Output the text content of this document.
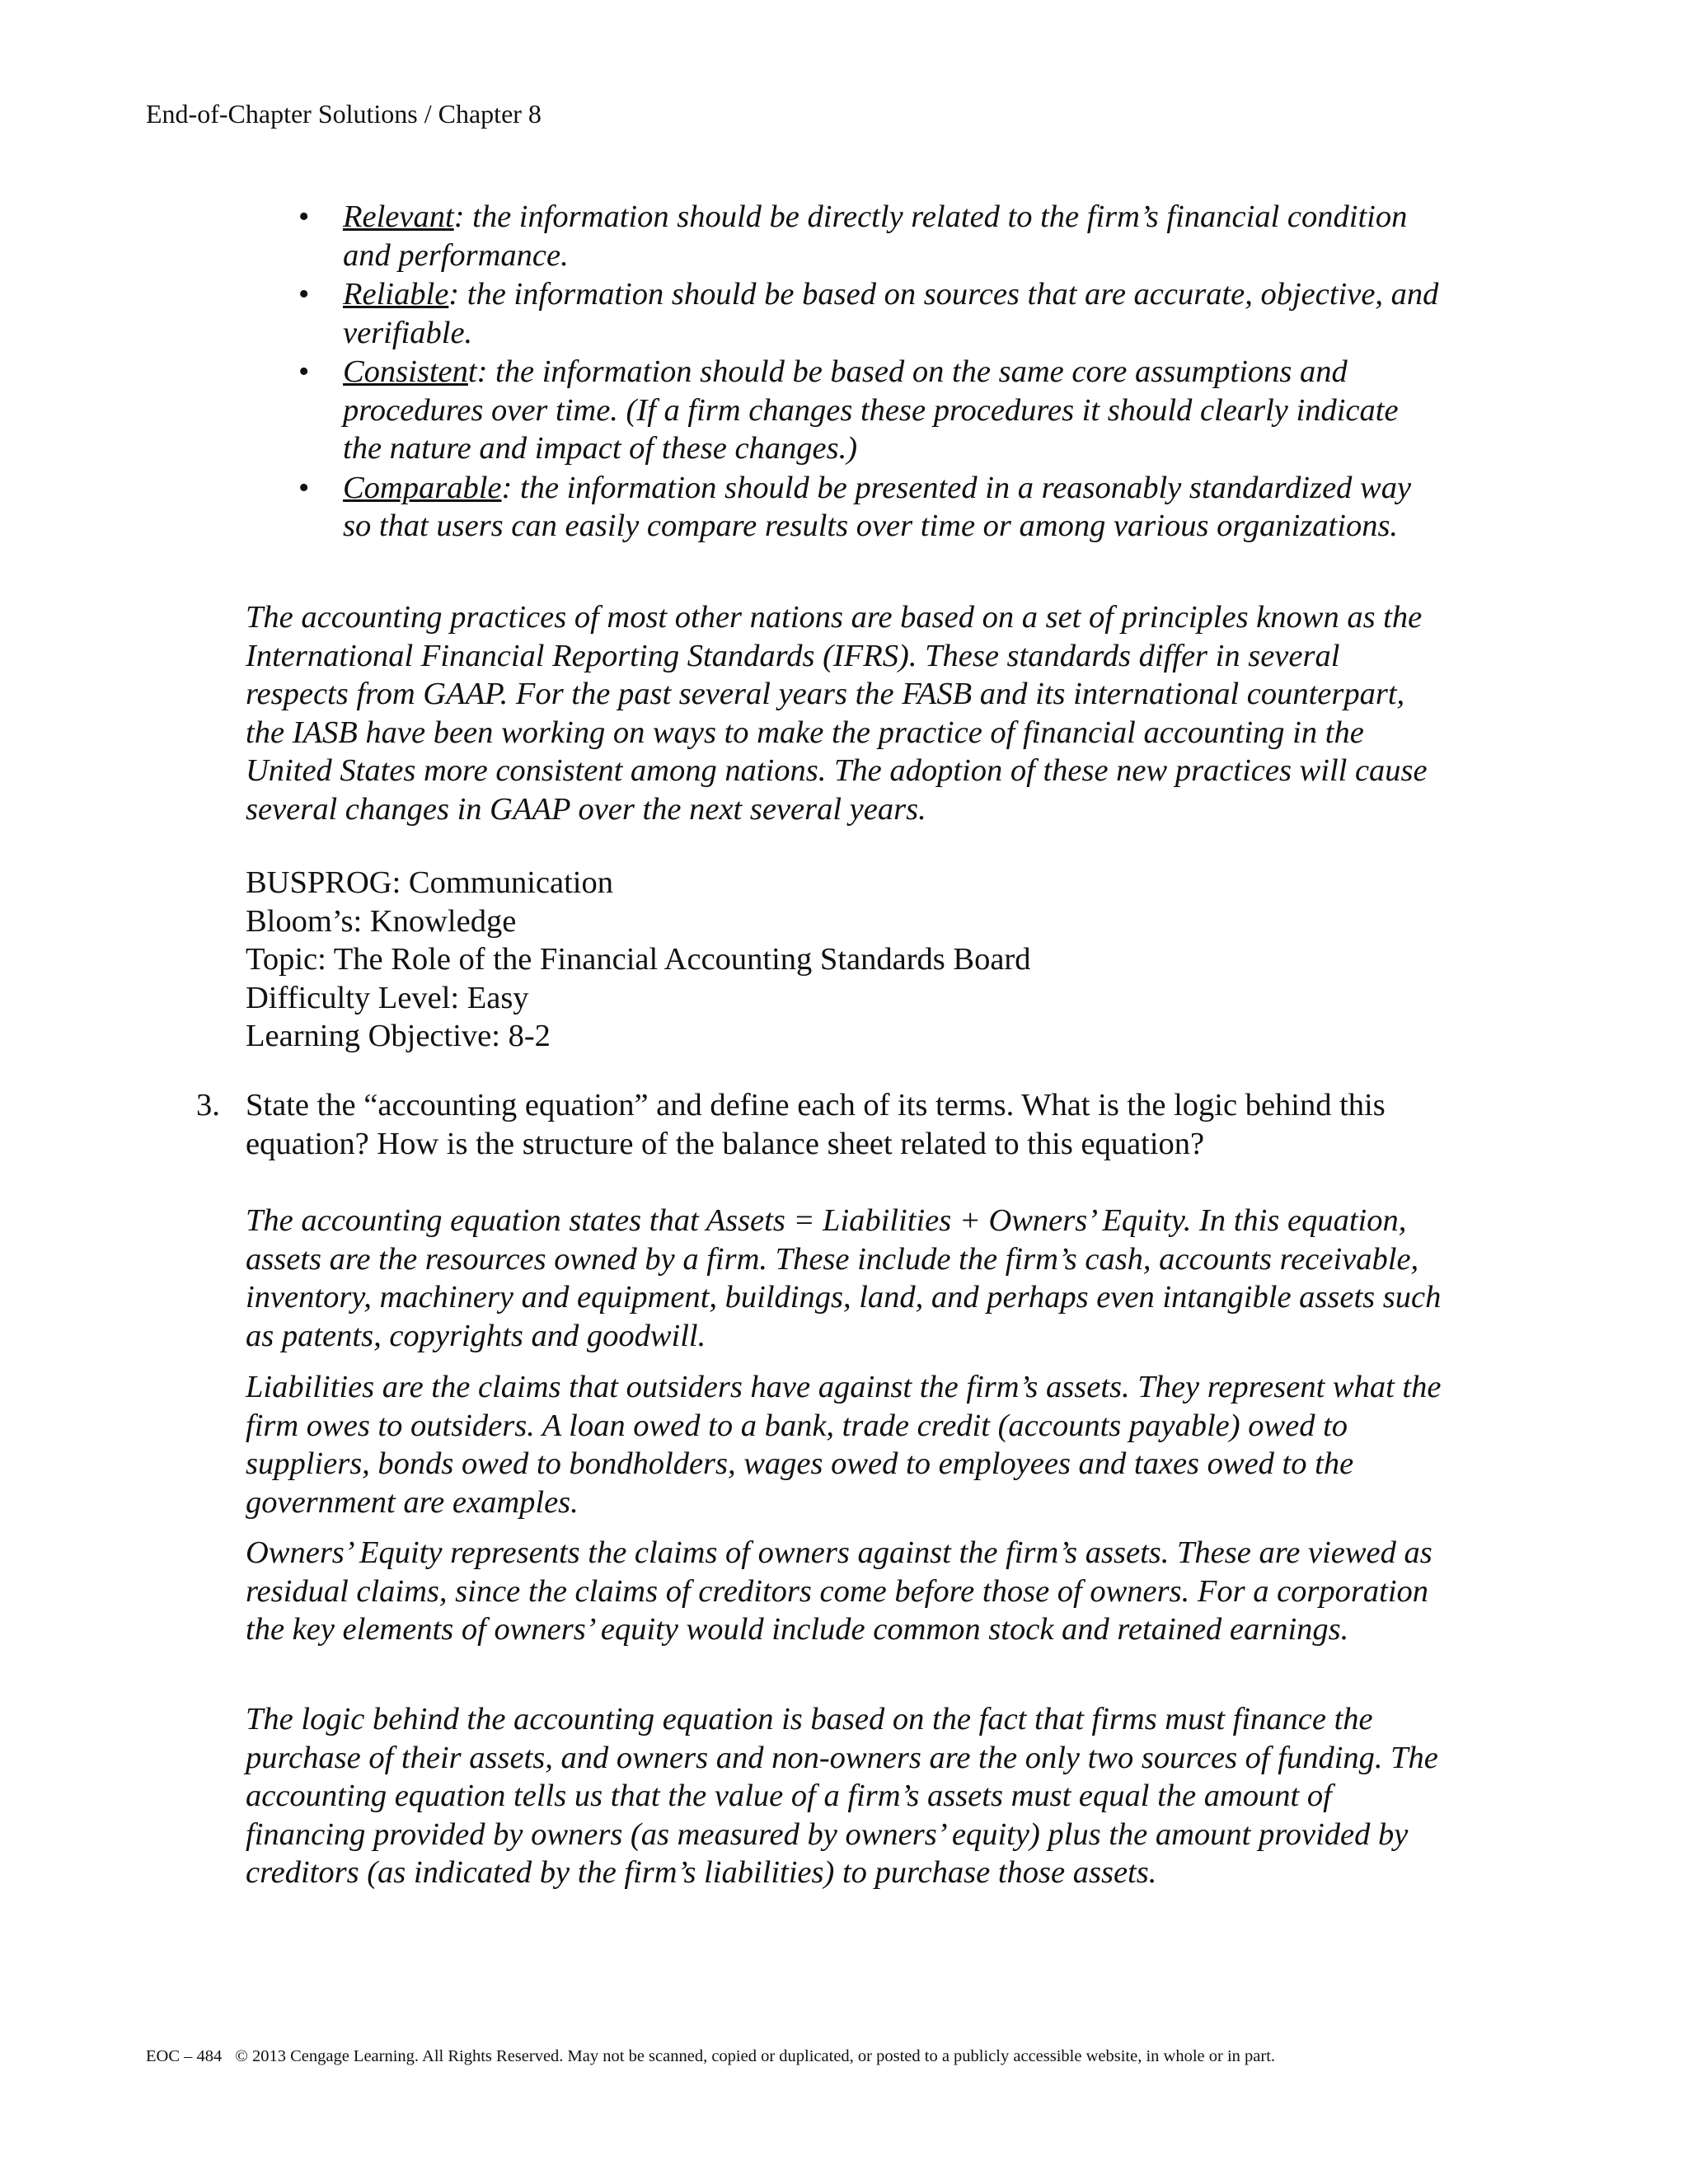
End-of-Chapter Solutions / Chapter 8
• Relevant: the information should be directly related to the firm’s financial condition and performance.
• Reliable: the information should be based on sources that are accurate, objective, and verifiable.
• Consistent: the information should be based on the same core assumptions and procedures over time. (If a firm changes these procedures it should clearly indicate the nature and impact of these changes.)
• Comparable: the information should be presented in a reasonably standardized way so that users can easily compare results over time or among various organizations.

The accounting practices of most other nations are based on a set of principles known as the International Financial Reporting Standards (IFRS). These standards differ in several respects from GAAP. For the past several years the FASB and its international counterpart, the IASB have been working on ways to make the practice of financial accounting in the United States more consistent among nations. The adoption of these new practices will cause several changes in GAAP over the next several years.

BUSPROG: Communication
Bloom’s: Knowledge
Topic: The Role of the Financial Accounting Standards Board
Difficulty Level: Easy
Learning Objective: 8-2
3. State the “accounting equation” and define each of its terms. What is the logic behind this equation? How is the structure of the balance sheet related to this equation?

The accounting equation states that Assets = Liabilities + Owners’ Equity. In this equation, assets are the resources owned by a firm. These include the firm’s cash, accounts receivable, inventory, machinery and equipment, buildings, land, and perhaps even intangible assets such as patents, copyrights and goodwill.

Liabilities are the claims that outsiders have against the firm’s assets. They represent what the firm owes to outsiders. A loan owed to a bank, trade credit (accounts payable) owed to suppliers, bonds owed to bondholders, wages owed to employees and taxes owed to the government are examples.

Owners’ Equity represents the claims of owners against the firm’s assets. These are viewed as residual claims, since the claims of creditors come before those of owners. For a corporation the key elements of owners’ equity would include common stock and retained earnings.

The logic behind the accounting equation is based on the fact that firms must finance the purchase of their assets, and owners and non-owners are the only two sources of funding. The accounting equation tells us that the value of a firm’s assets must equal the amount of financing provided by owners (as measured by owners’ equity) plus the amount provided by creditors (as indicated by the firm’s liabilities) to purchase those assets.

EOC – 484 © 2013 Cengage Learning. All Rights Reserved. May not be scanned, copied or duplicated, or posted to a publicly accessible website, in whole or in part.
